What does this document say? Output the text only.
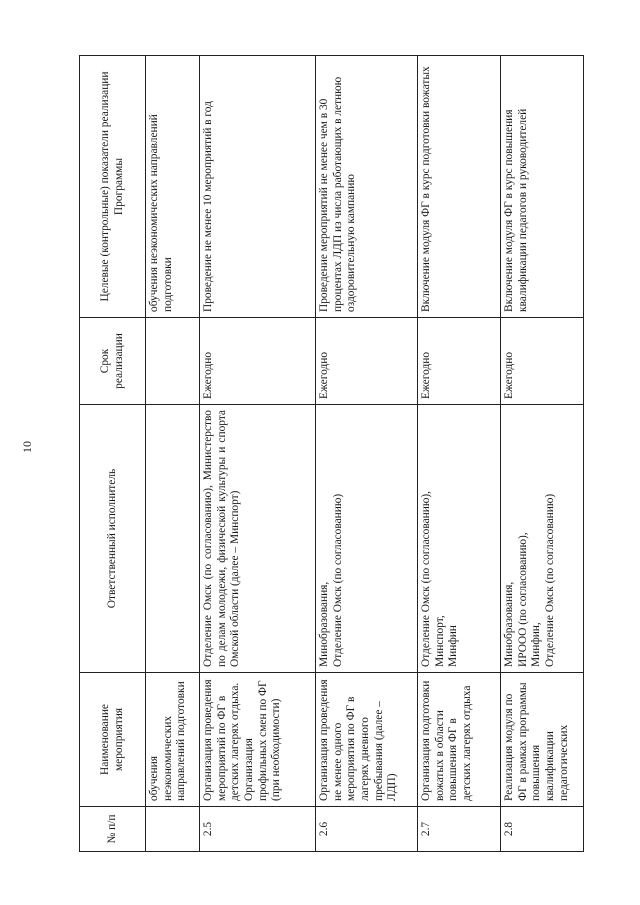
10
№ п/п	Наименование мероприятия	Ответственный исполнитель	Срок реализации	Целевые (контрольные) показатели реализации Программы
	обучения неэкономических направлений подготовки			обучения неэкономических направлений подготовки
2.5	Организация проведения мероприятий по ФГ в детских лагерях отдыха. Организация профильных смен по ФГ (при необходимости)	Отделение Омск (по согласованию), Министерство по делам молодежи, физической культуры и спорта Омской области (далее – Минспорт)	Ежегодно	Проведение не менее 10 мероприятий в год
2.6	Организация проведения не менее одного мероприятия по ФГ в лагерях дневного пребывания (далее – ЛДП)	Минобразования, Отделение Омск (по согласованию)	Ежегодно	Проведение мероприятий не менее чем в 30 процентах ЛДП из числа работающих в летнюю оздоровительную кампанию
2.7	Организация подготовки вожатых в области повышения ФГ в детских лагерях отдыха	Отделение Омск (по согласованию), Минспорт, Минфин	Ежегодно	Включение модуля ФГ в курс подготовки вожатых
2.8	Реализация модуля по ФГ в рамках программы повышения квалификации педагогических	Минобразования, ИРООО (по согласованию), Минфин, Отделение Омск (по согласованию)	Ежегодно	Включение модуля ФГ в курс повышения квалификации педагогов и руководителей
